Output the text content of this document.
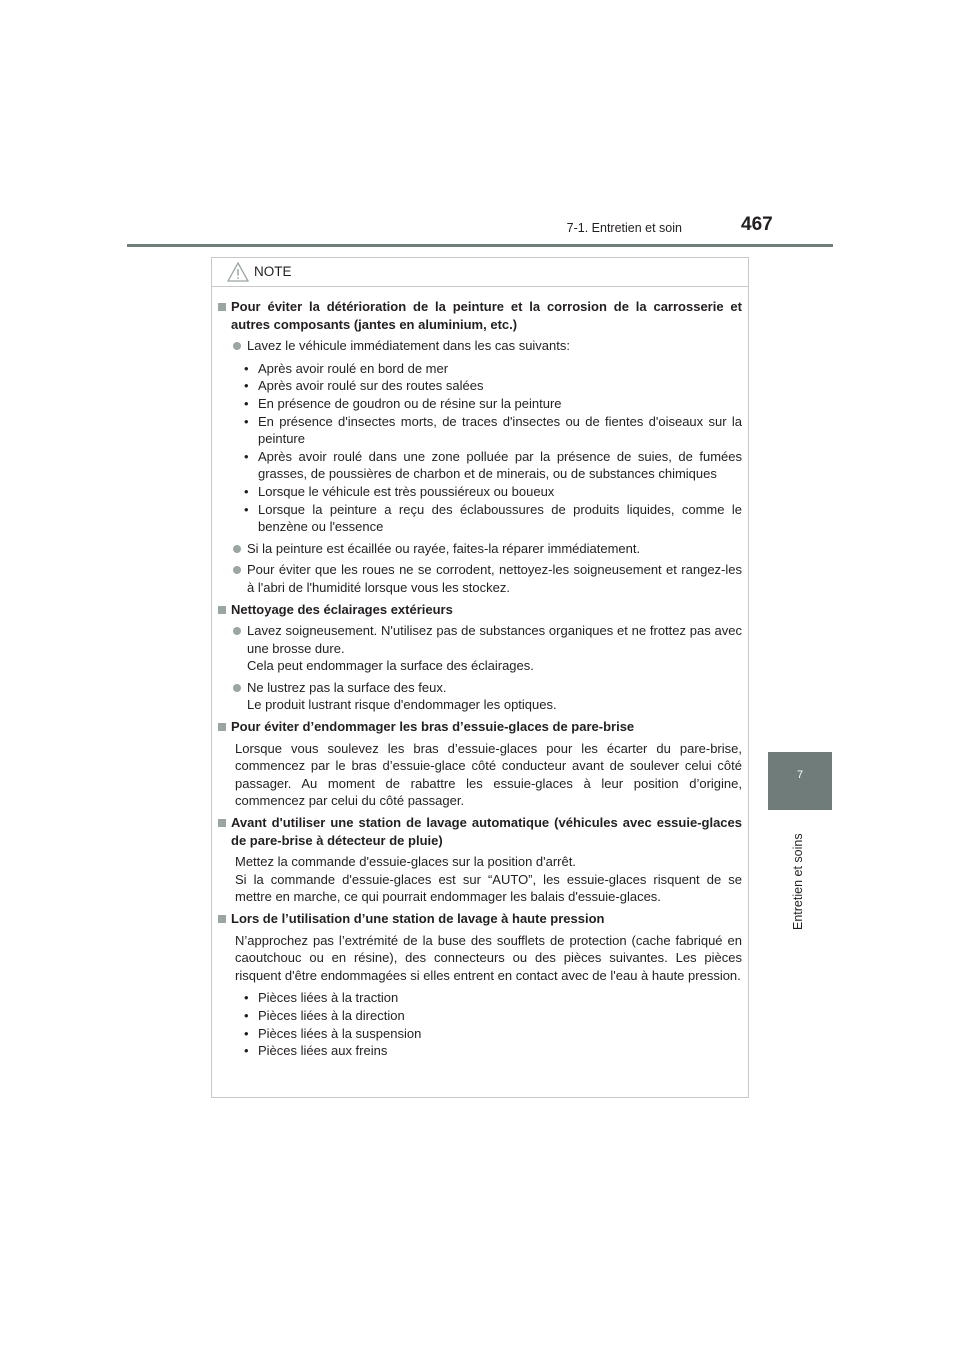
7-1. Entretien et soin	467
7
Entretien et soins
NOTE
Pour éviter la détérioration de la peinture et la corrosion de la carrosserie et autres composants (jantes en aluminium, etc.)
Lavez le véhicule immédiatement dans les cas suivants:
• Après avoir roulé en bord de mer
• Après avoir roulé sur des routes salées
• En présence de goudron ou de résine sur la peinture
• En présence d'insectes morts, de traces d'insectes ou de fientes d'oiseaux sur la peinture
• Après avoir roulé dans une zone polluée par la présence de suies, de fumées grasses, de poussières de charbon et de minerais, ou de substances chimiques
• Lorsque le véhicule est très poussiéreux ou boueux
• Lorsque la peinture a reçu des éclaboussures de produits liquides, comme le benzène ou l'essence
Si la peinture est écaillée ou rayée, faites-la réparer immédiatement.
Pour éviter que les roues ne se corrodent, nettoyez-les soigneusement et rangez-les à l'abri de l'humidité lorsque vous les stockez.
Nettoyage des éclairages extérieurs
Lavez soigneusement. N'utilisez pas de substances organiques et ne frottez pas avec une brosse dure.
Cela peut endommager la surface des éclairages.
Ne lustrez pas la surface des feux.
Le produit lustrant risque d'endommager les optiques.
Pour éviter d’endommager les bras d’essuie-glaces de pare-brise
Lorsque vous soulevez les bras d’essuie-glaces pour les écarter du pare-brise, commencez par le bras d’essuie-glace côté conducteur avant de soulever celui côté passager. Au moment de rabattre les essuie-glaces à leur position d’origine, commencez par celui du côté passager.
Avant d'utiliser une station de lavage automatique (véhicules avec essuie-glaces de pare-brise à détecteur de pluie)
Mettez la commande d'essuie-glaces sur la position d'arrêt.
Si la commande d'essuie-glaces est sur “AUTO”, les essuie-glaces risquent de se mettre en marche, ce qui pourrait endommager les balais d'essuie-glaces.
Lors de l’utilisation d’une station de lavage à haute pression
N’approchez pas l’extrémité de la buse des soufflets de protection (cache fabriqué en caoutchouc ou en résine), des connecteurs ou des pièces suivantes. Les pièces risquent d'être endommagées si elles entrent en contact avec de l'eau à haute pression.
• Pièces liées à la traction
• Pièces liées à la direction
• Pièces liées à la suspension
• Pièces liées aux freins
